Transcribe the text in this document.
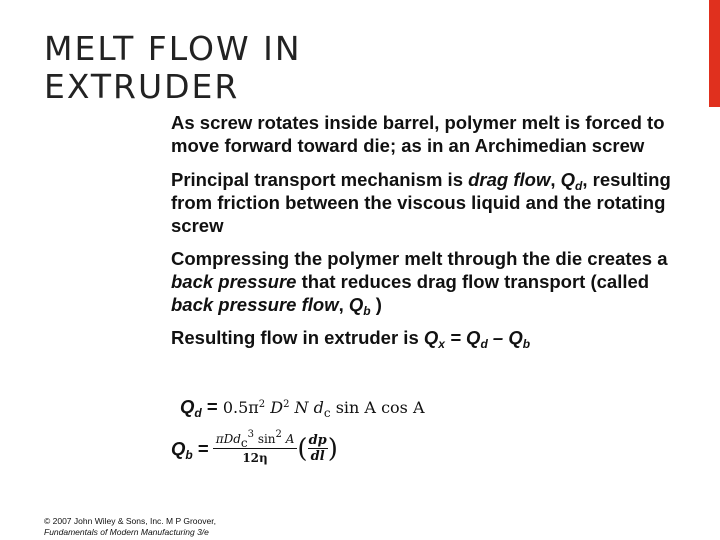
MELT FLOW IN
EXTRUDER

As screw rotates inside barrel, polymer melt is forced to move forward toward die; as in an Archimedian screw

Principal transport mechanism is drag flow, $Q_d$, resulting from friction between the viscous liquid and the rotating screw

Compressing the polymer melt through the die creates a back pressure that reduces drag flow transport (called back pressure flow, $Q_b$ )

Resulting flow in extruder is $Q_x = Q_d - Q_b$

$Q_d = 0.5\pi^2$ $D^2$ N $d_c$ sin A cos A
$Q_b = \frac{\pi Dd_c^3 \sin^2 A}{12\eta}$ ( $\frac{dp}{dl}$ )
© 2007 John Wiley & Sons, Inc. M P Groover,
Fundamentals of Modern Manufacturing 3/e
